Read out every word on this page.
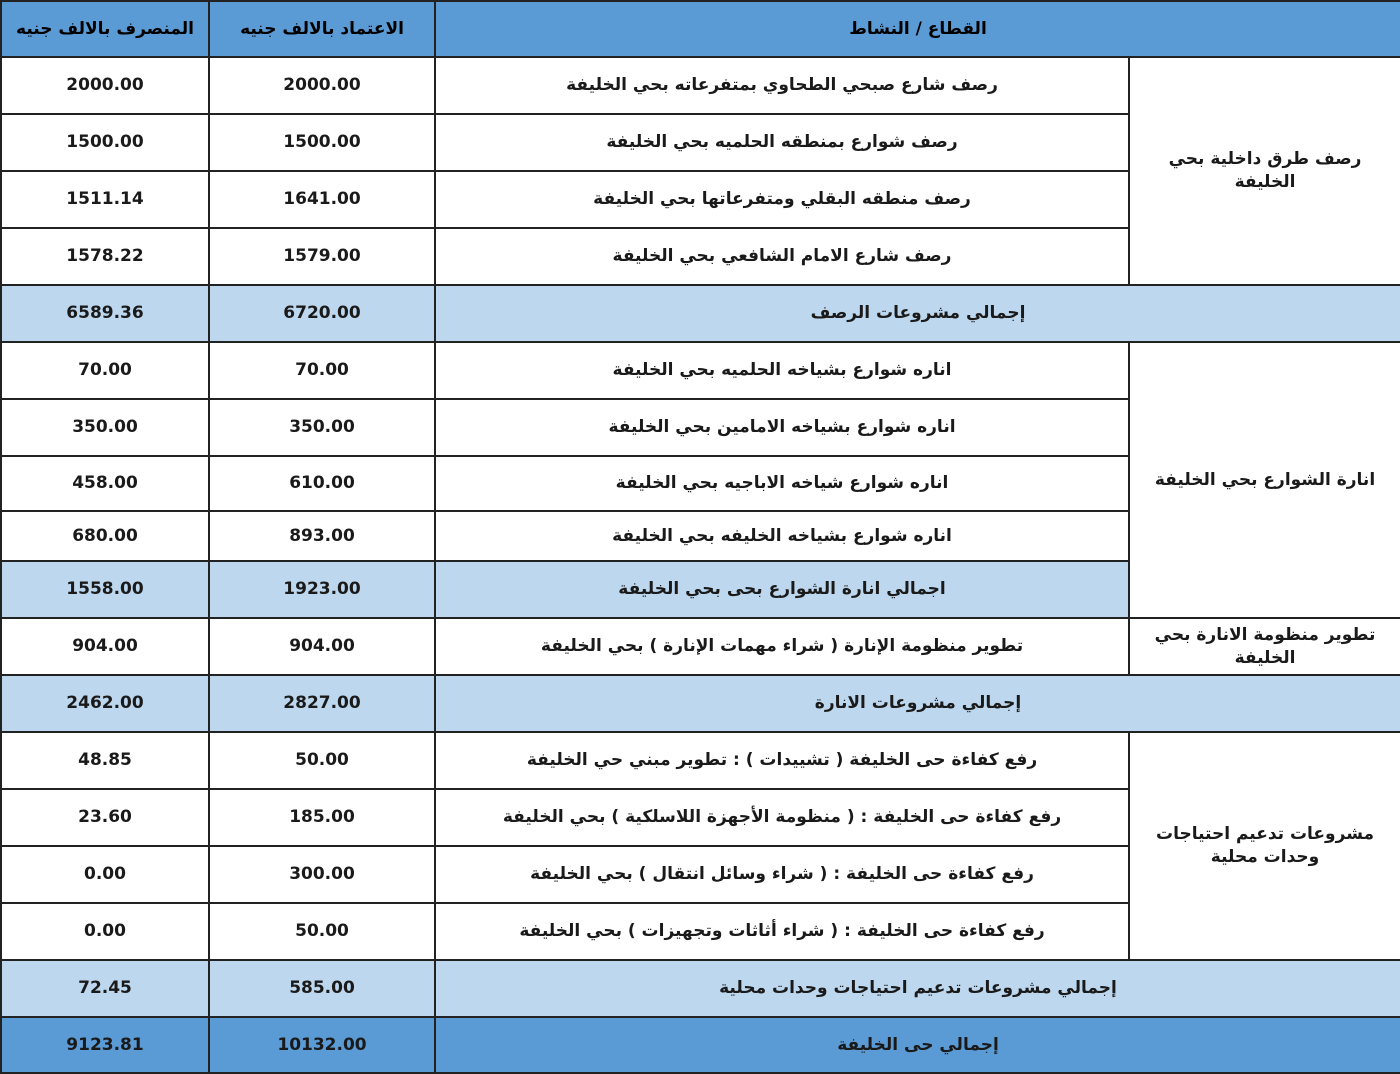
المنصرف بالالف جنيه	الاعتماد بالالف جنيه	القطاع / النشاط	
2000.00	2000.00	رصف شارع صبحي الطحاوي بمتفرعاته بحي الخليفة	رصف طرق داخلية بحي الخليفة
1500.00	1500.00	رصف شوارع بمنطقه الحلميه بحي الخليفة	
1511.14	1641.00	رصف منطقه البقلي ومتفرعاتها بحي الخليفة	
1578.22	1579.00	رصف شارع الامام الشافعي بحي الخليفة	
6589.36	6720.00	إجمالي مشروعات الرصف	
70.00	70.00	اناره شوارع بشياخه الحلميه بحي الخليفة	انارة الشوارع بحي الخليفة
350.00	350.00	اناره شوارع بشياخه الامامين بحي الخليفة	
458.00	610.00	اناره شوارع شياخه الاباجيه بحي الخليفة	
680.00	893.00	اناره شوارع بشياخه الخليفه بحي الخليفة	
1558.00	1923.00	اجمالي انارة الشوارع بحى بحي الخليفة	
904.00	904.00	تطوير منظومة الإنارة ( شراء مهمات الإنارة ) بحي الخليفة	تطوير منظومة الانارة بحي الخليفة
2462.00	2827.00	إجمالي مشروعات الانارة	
48.85	50.00	رفع كفاءة حى الخليفة ( تشييدات ) : تطوير مبني حي الخليفة	مشروعات تدعيم احتياجات وحدات محلية
23.60	185.00	رفع كفاءة حى الخليفة : ( منظومة الأجهزة اللاسلكية ) بحي الخليفة	
0.00	300.00	رفع كفاءة حى الخليفة : ( شراء وسائل انتقال ) بحي الخليفة	
0.00	50.00	رفع كفاءة حى الخليفة : ( شراء أثاثات وتجهيزات ) بحي الخليفة	
72.45	585.00	إجمالي مشروعات تدعيم احتياجات وحدات محلية	
9123.81	10132.00	إجمالي حى الخليفة	
